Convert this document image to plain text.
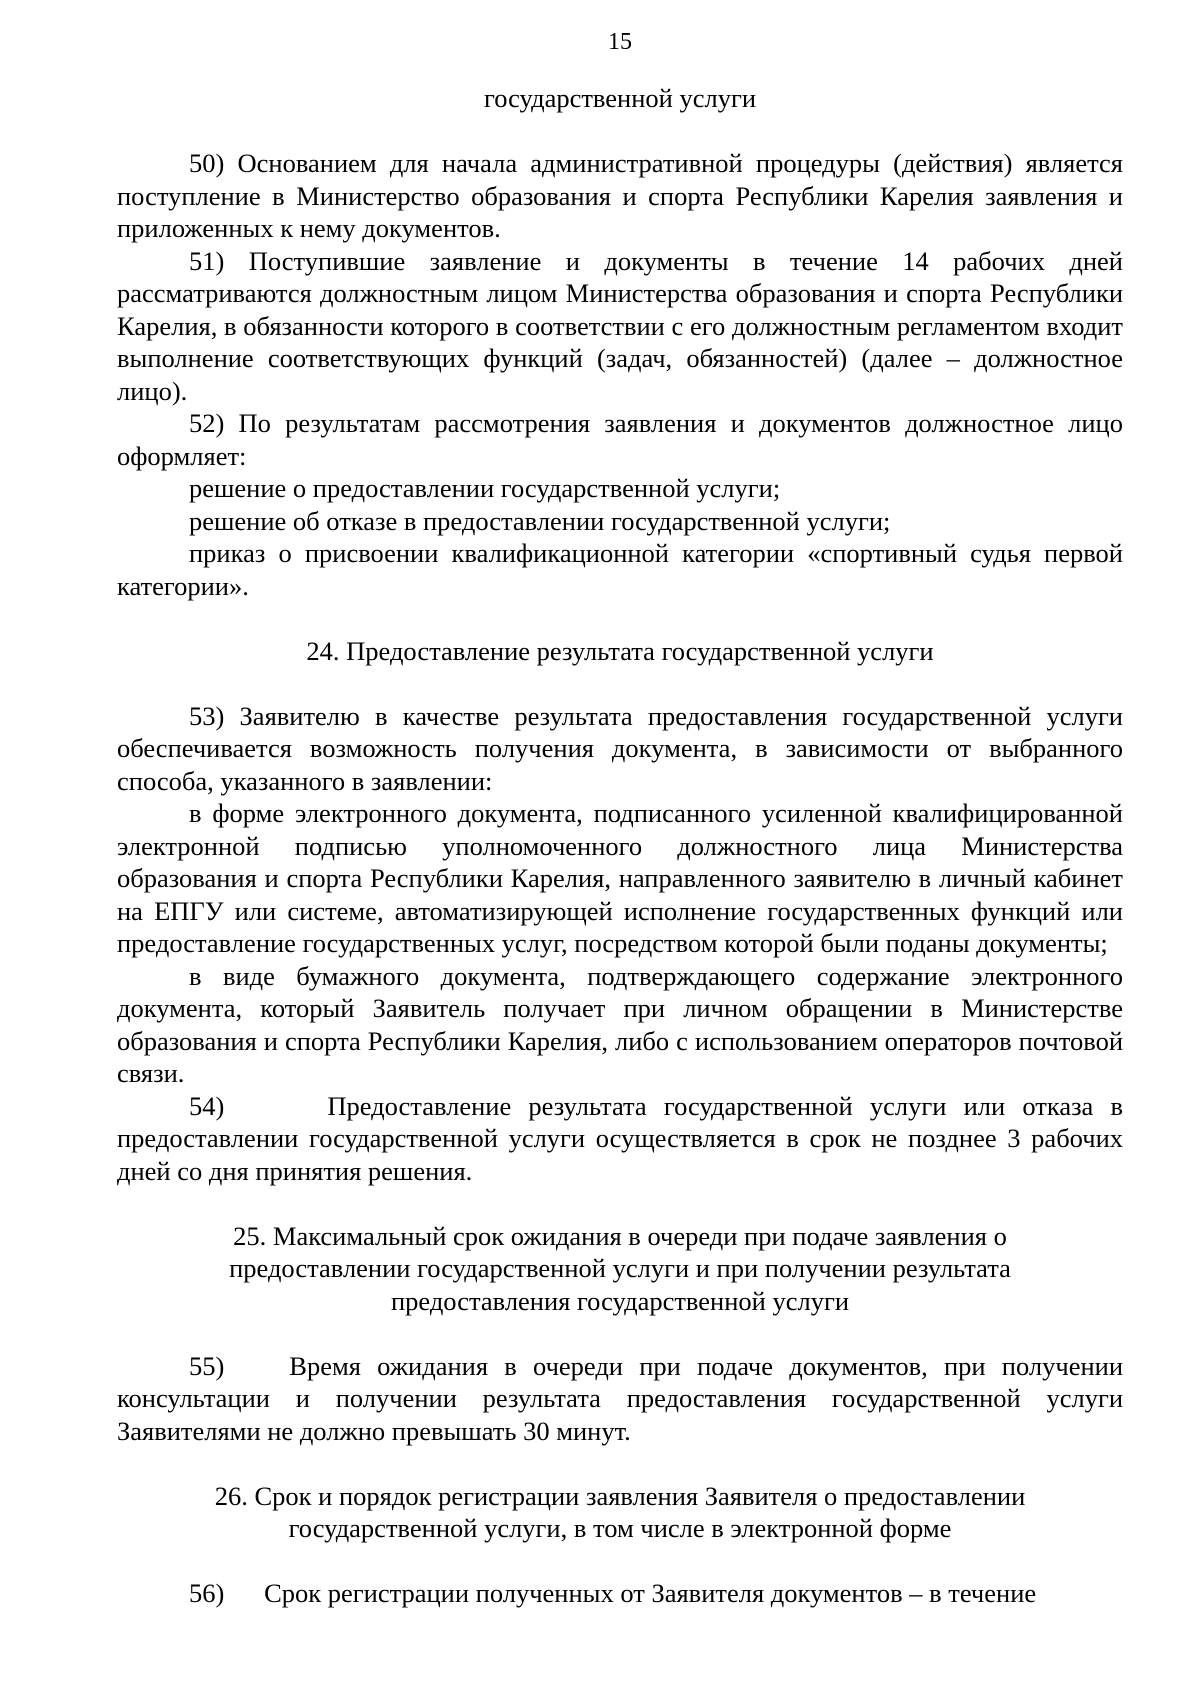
15

государственной услуги

50) Основанием для начала административной процедуры (действия) является поступление в Министерство образования и спорта Республики Карелия заявления и приложенных к нему документов.

51) Поступившие заявление и документы в течение 14 рабочих дней рассматриваются должностным лицом Министерства образования и спорта Республики Карелия, в обязанности которого в соответствии с его должностным регламентом входит выполнение соответствующих функций (задач, обязанностей) (далее – должностное лицо).

52) По результатам рассмотрения заявления и документов должностное лицо оформляет:

решение о предоставлении государственной услуги;

решение об отказе в предоставлении государственной услуги;

приказ о присвоении квалификационной категории «спортивный судья первой категории».

24. Предоставление результата государственной услуги

53) Заявителю в качестве результата предоставления государственной услуги обеспечивается возможность получения документа, в зависимости от выбранного способа, указанного в заявлении:

в форме электронного документа, подписанного усиленной квалифицированной электронной подписью уполномоченного должностного лица Министерства образования и спорта Республики Карелия, направленного заявителю в личный кабинет на ЕПГУ или системе, автоматизирующей исполнение государственных функций или предоставление государственных услуг, посредством которой были поданы документы;

в виде бумажного документа, подтверждающего содержание электронного документа, который Заявитель получает при личном обращении в Министерстве образования и спорта Республики Карелия, либо с использованием операторов почтовой связи.

54)      Предоставление результата государственной услуги или отказа в предоставлении государственной услуги осуществляется в срок не позднее 3 рабочих дней со дня принятия решения.

25. Максимальный срок ожидания в очереди при подаче заявления о

предоставлении государственной услуги и при получении результата

предоставления государственной услуги

55)    Время ожидания в очереди при подаче документов, при получении консультации и получении результата предоставления государственной услуги Заявителями не должно превышать 30 минут.

26. Срок и порядок регистрации заявления Заявителя о предоставлении

государственной услуги, в том числе в электронной форме

56)      Срок регистрации полученных от Заявителя документов – в течение
